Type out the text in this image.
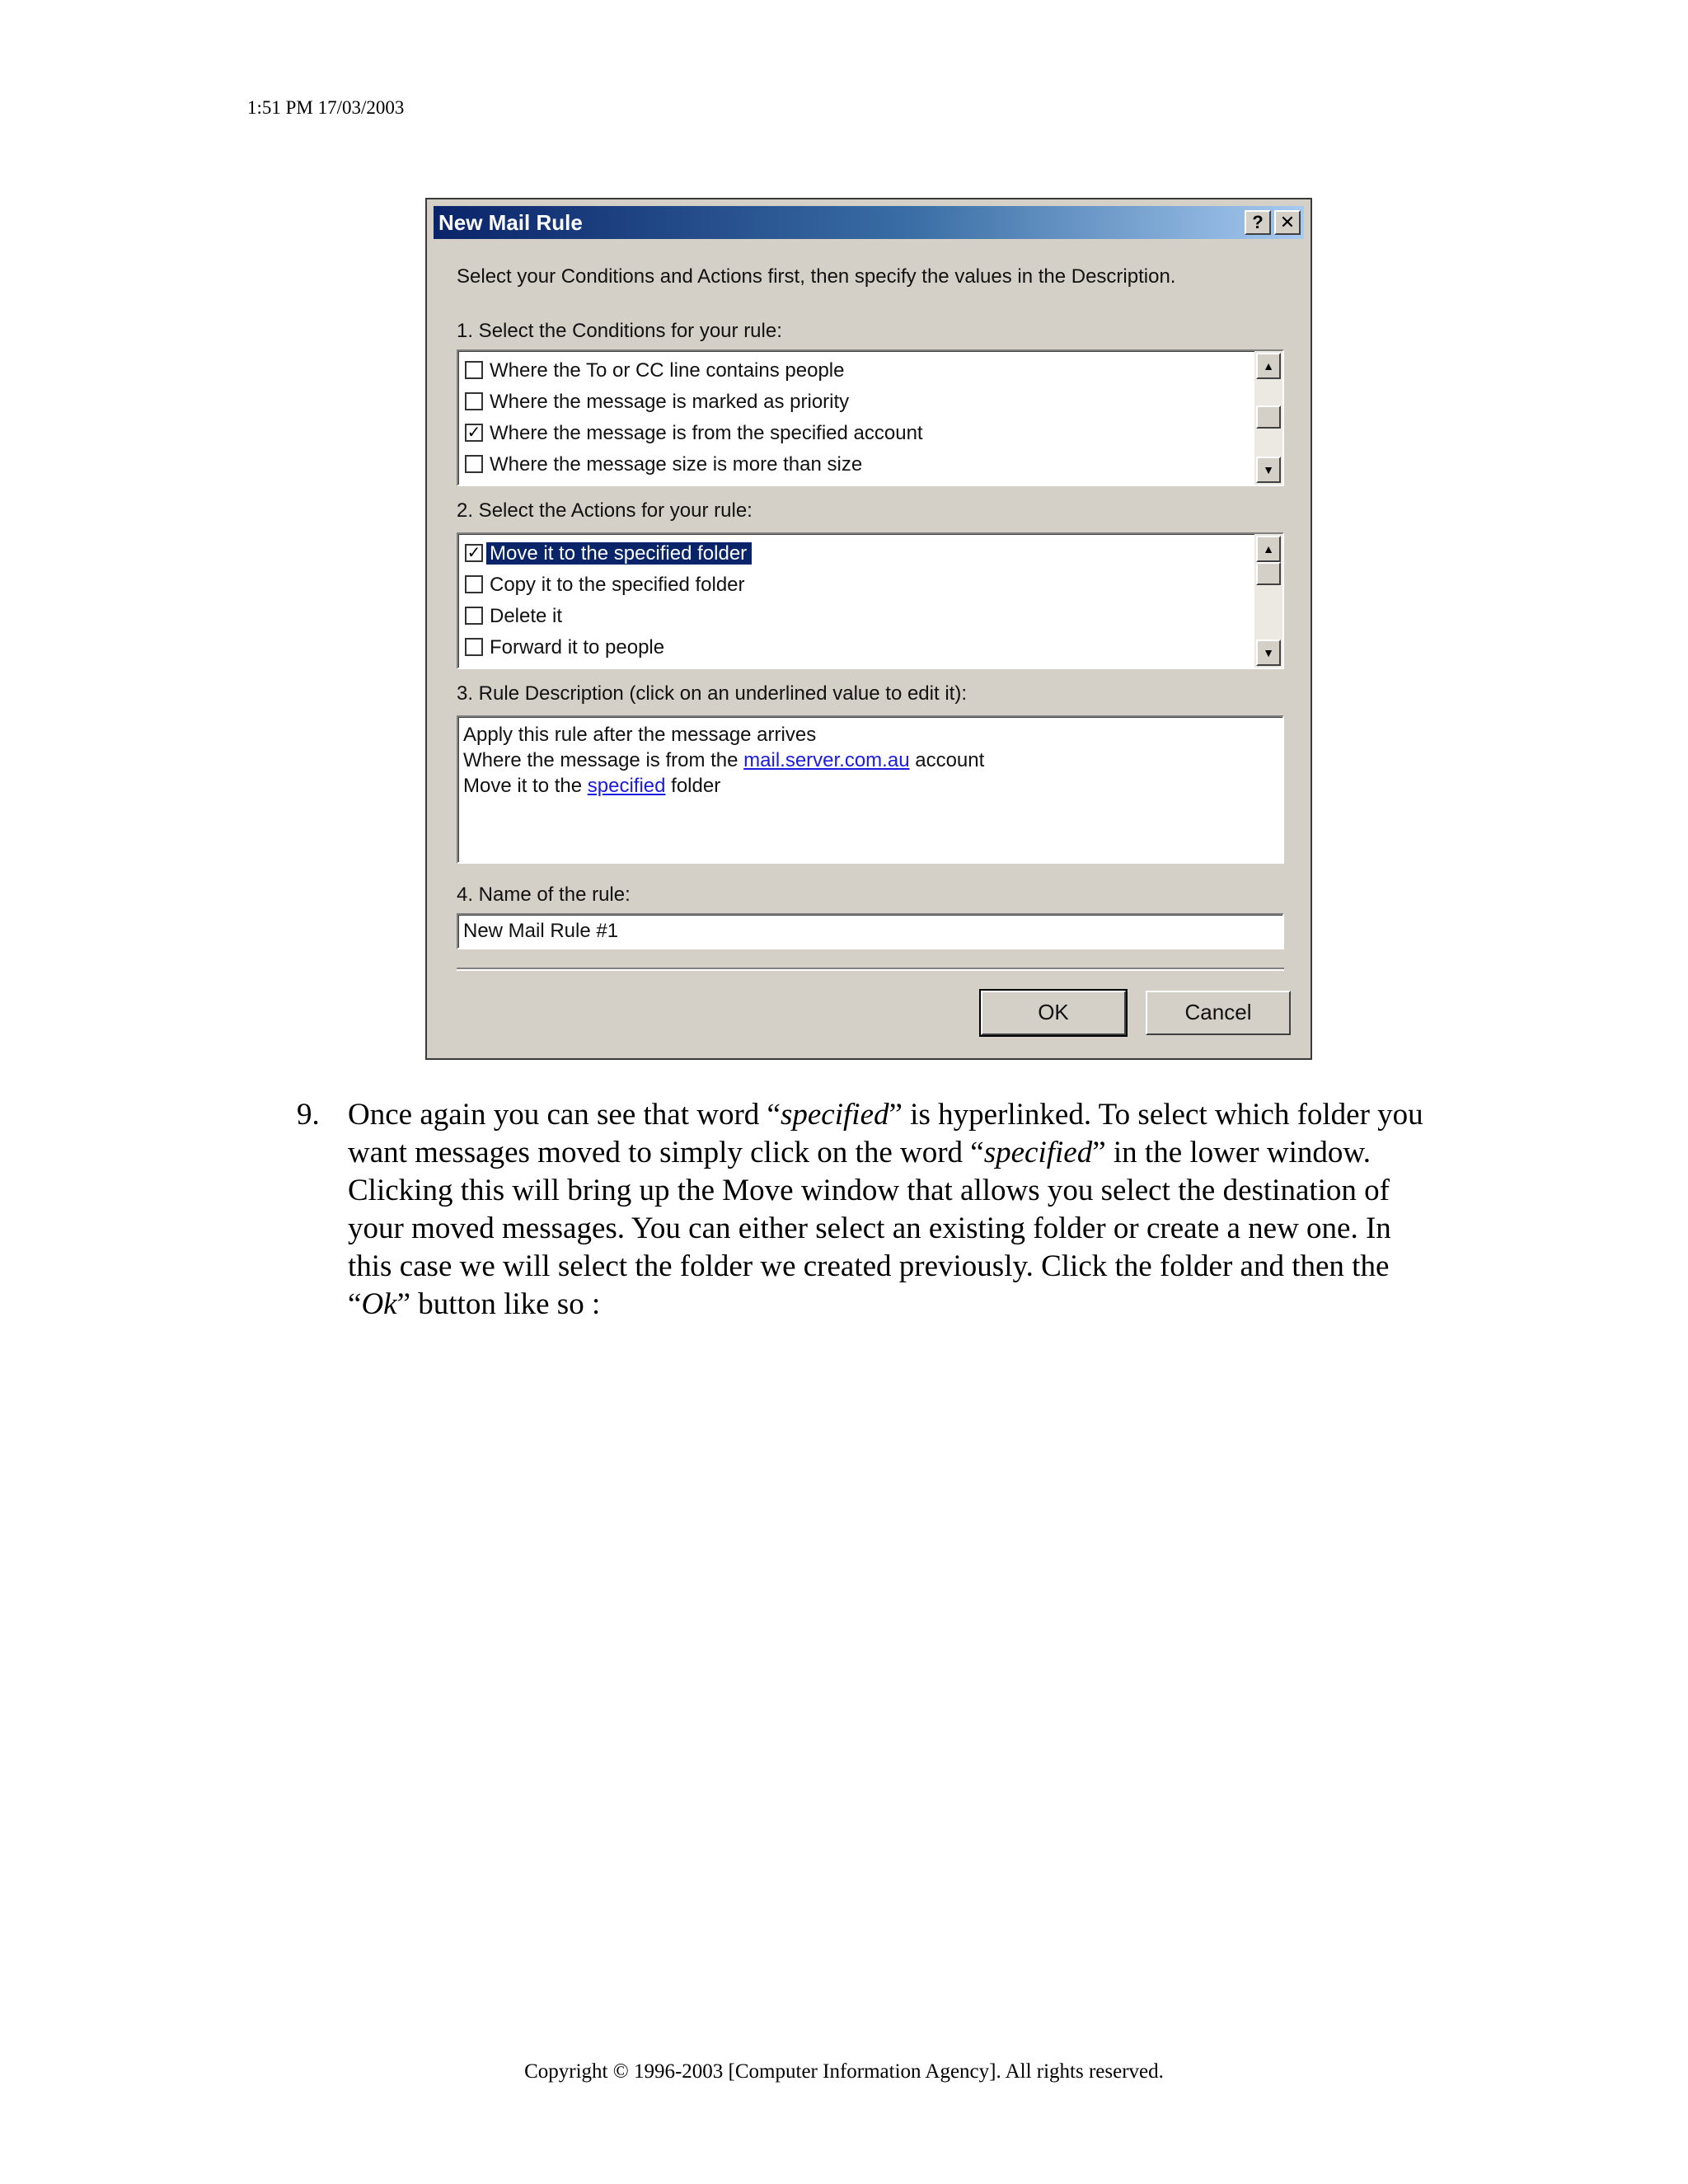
1:51 PM 17/03/2003
New Mail Rule	? ✕
Select your Conditions and Actions first, then specify the values in the Description.
1. Select the Conditions for your rule:
Where the To or CC line contains people
Where the message is marked as priority
✓ Where the message is from the specified account
Where the message size is more than size
▲
▼
2. Select the Actions for your rule:
✓ Move it to the specified folder
Copy it to the specified folder
Delete it
Forward it to people
▲
▼
3. Rule Description (click on an underlined value to edit it):
Apply this rule after the message arrives
Where the message is from the mail.server.com.au account
Move it to the specified folder
4. Name of the rule:
New Mail Rule #1
OK	Cancel
9. Once again you can see that word “specified” is hyperlinked. To select which folder you want messages moved to simply click on the word “specified” in the lower window. Clicking this will bring up the Move window that allows you select the destination of your moved messages. You can either select an existing folder or create a new one. In this case we will select the folder we created previously. Click the folder and then the “Ok” button like so :
Copyright © 1996-2003 [Computer Information Agency]. All rights reserved.
